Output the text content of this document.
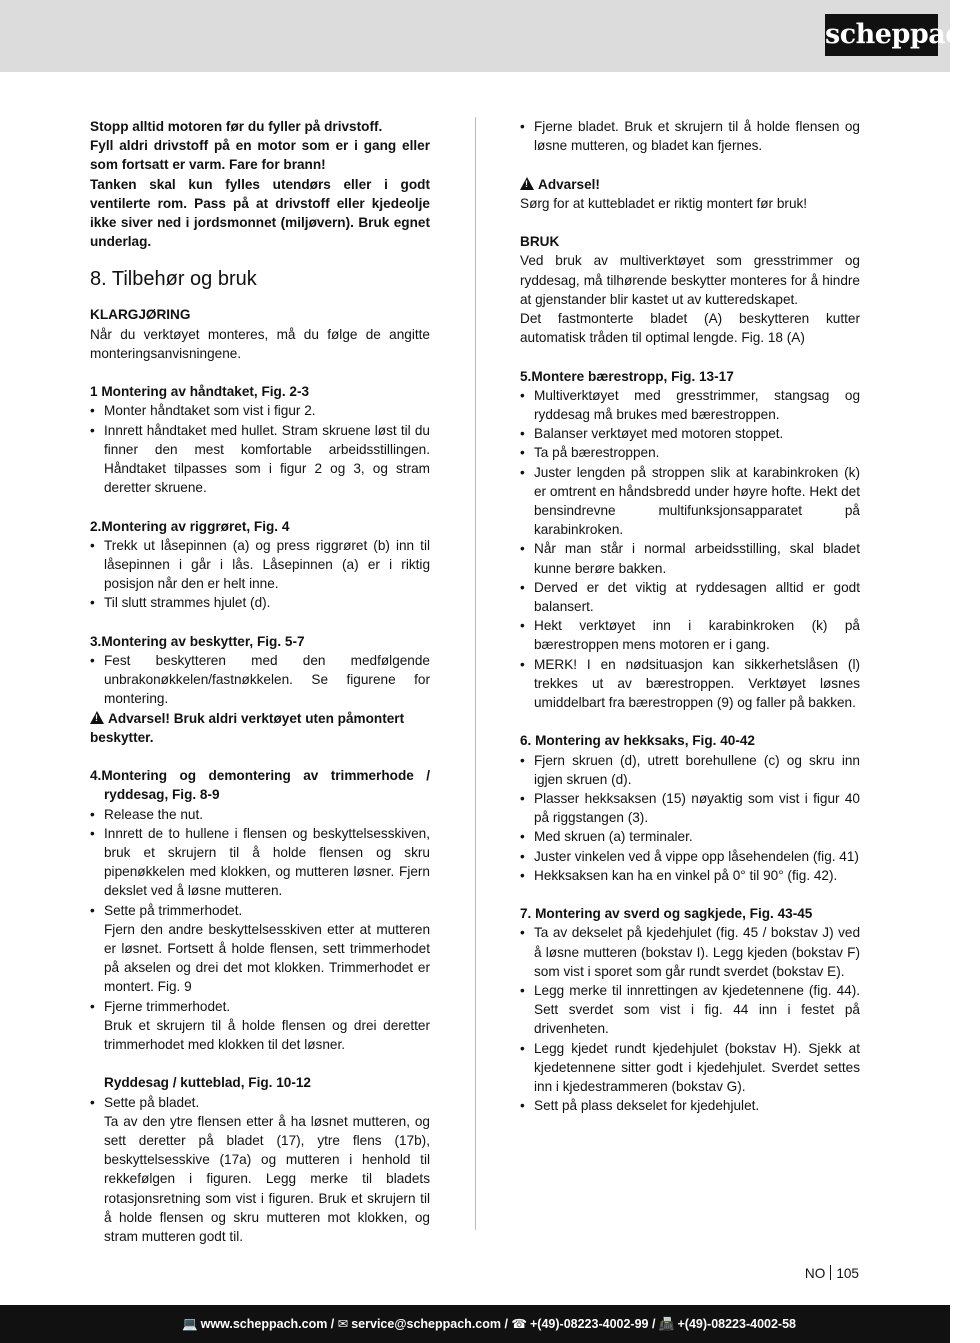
scheppach

Stopp alltid motoren før du fyller på drivstoff.

Fyll aldri drivstoff på en motor som er i gang eller som fortsatt er varm. Fare for brann!

Tanken skal kun fylles utendørs eller i godt ventilerte rom. Pass på at drivstoff eller kjedeolje ikke siver ned i jordsmonnet (miljøvern). Bruk egnet underlag.

8. Tilbehør og bruk

KLARGJØRING

Når du verktøyet monteres, må du følge de angitte monteringsanvisningene.

1 Montering av håndtaket, Fig. 2-3

• Monter håndtaket som vist i figur 2.
• Innrett håndtaket med hullet. Stram skruene løst til du finner den mest komfortable arbeidsstillingen. Håndtaket tilpasses som i figur 2 og 3, og stram deretter skruene.

2.Montering av riggrøret, Fig. 4

• Trekk ut låsepinnen (a) og press riggrøret (b) inn til låsepinnen i går i lås. Låsepinnen (a) er i riktig posisjon når den er helt inne.
• Til slutt strammes hjulet (d).

3.Montering av beskytter, Fig. 5-7

• Fest beskytteren med den medfølgende unbrakonøkkelen/fastnøkkelen. Se figurene for montering.

!Advarsel! Bruk aldri verktøyet uten påmontert beskytter.

4.Montering og demontering av trimmerhode / ryddesag, Fig. 8-9

• Release the nut.
• Innrett de to hullene i flensen og beskyttelsesskiven, bruk et skrujern til å holde flensen og skru pipenøkkelen med klokken, og mutteren løsner. Fjern dekslet ved å løsne mutteren.
• Sette på trimmerhodet.
Fjern den andre beskyttelsesskiven etter at mutteren er løsnet. Fortsett å holde flensen, sett trimmerhodet på akselen og drei det mot klokken. Trimmerhodet er montert. Fig. 9
• Fjerne trimmerhodet.
Bruk et skrujern til å holde flensen og drei deretter trimmerhodet med klokken til det løsner.

Ryddesag / kutteblad, Fig. 10-12

• Sette på bladet.
Ta av den ytre flensen etter å ha løsnet mutteren, og sett deretter på bladet (17), ytre flens (17b), beskyttelsesskive (17a) og mutteren i henhold til rekkefølgen i figuren. Legg merke til bladets rotasjonsretning som vist i figuren. Bruk et skrujern til å holde flensen og skru mutteren mot klokken, og stram mutteren godt til.
• Fjerne bladet. Bruk et skrujern til å holde flensen og løsne mutteren, og bladet kan fjernes.

!Advarsel!

Sørg for at kuttebladet er riktig montert før bruk!

BRUK

Ved bruk av multiverktøyet som gresstrimmer og ryddesag, må tilhørende beskytter monteres for å hindre at gjenstander blir kastet ut av kutteredskapet.

Det fastmonterte bladet (A) beskytteren kutter automatisk tråden til optimal lengde. Fig. 18 (A)

5.Montere bærestropp, Fig. 13-17

• Multiverktøyet med gresstrimmer, stangsag og ryddesag må brukes med bærestroppen.
• Balanser verktøyet med motoren stoppet.
• Ta på bærestroppen.
• Juster lengden på stroppen slik at karabinkroken (k) er omtrent en håndsbredd under høyre hofte. Hekt det bensindrevne multifunksjonsapparatet på karabinkroken.
• Når man står i normal arbeidsstilling, skal bladet kunne berøre bakken.
• Derved er det viktig at ryddesagen alltid er godt balansert.
• Hekt verktøyet inn i karabinkroken (k) på bærestroppen mens motoren er i gang.
• MERK! I en nødsituasjon kan sikkerhetslåsen (l) trekkes ut av bærestroppen. Verktøyet løsnes umiddelbart fra bærestroppen (9) og faller på bakken.

6. Montering av hekksaks, Fig. 40-42

• Fjern skruen (d), utrett borehullene (c) og skru inn igjen skruen (d).
• Plasser hekksaksen (15) nøyaktig som vist i figur 40 på riggstangen (3).
• Med skruen (a) terminaler.
• Juster vinkelen ved å vippe opp låsehendelen (fig. 41)
• Hekksaksen kan ha en vinkel på 0° til 90° (fig. 42).

7. Montering av sverd og sagkjede, Fig. 43-45

• Ta av dekselet på kjedehjulet (fig. 45 / bokstav J) ved å løsne mutteren (bokstav I). Legg kjeden (bokstav F) som vist i sporet som går rundt sverdet (bokstav E).
• Legg merke til innrettingen av kjedetennene (fig. 44). Sett sverdet som vist i fig. 44 inn i festet på drivenheten.
• Legg kjedet rundt kjedehjulet (bokstav H). Sjekk at kjedetennene sitter godt i kjedehjulet. Sverdet settes inn i kjedestrammeren (bokstav G).
• Sett på plass dekselet for kjedehjulet.
NO 105
💻 www.scheppach.com / ✉ service@scheppach.com / ☎ +(49)-08223-4002-99 / 📠 +(49)-08223-4002-58
